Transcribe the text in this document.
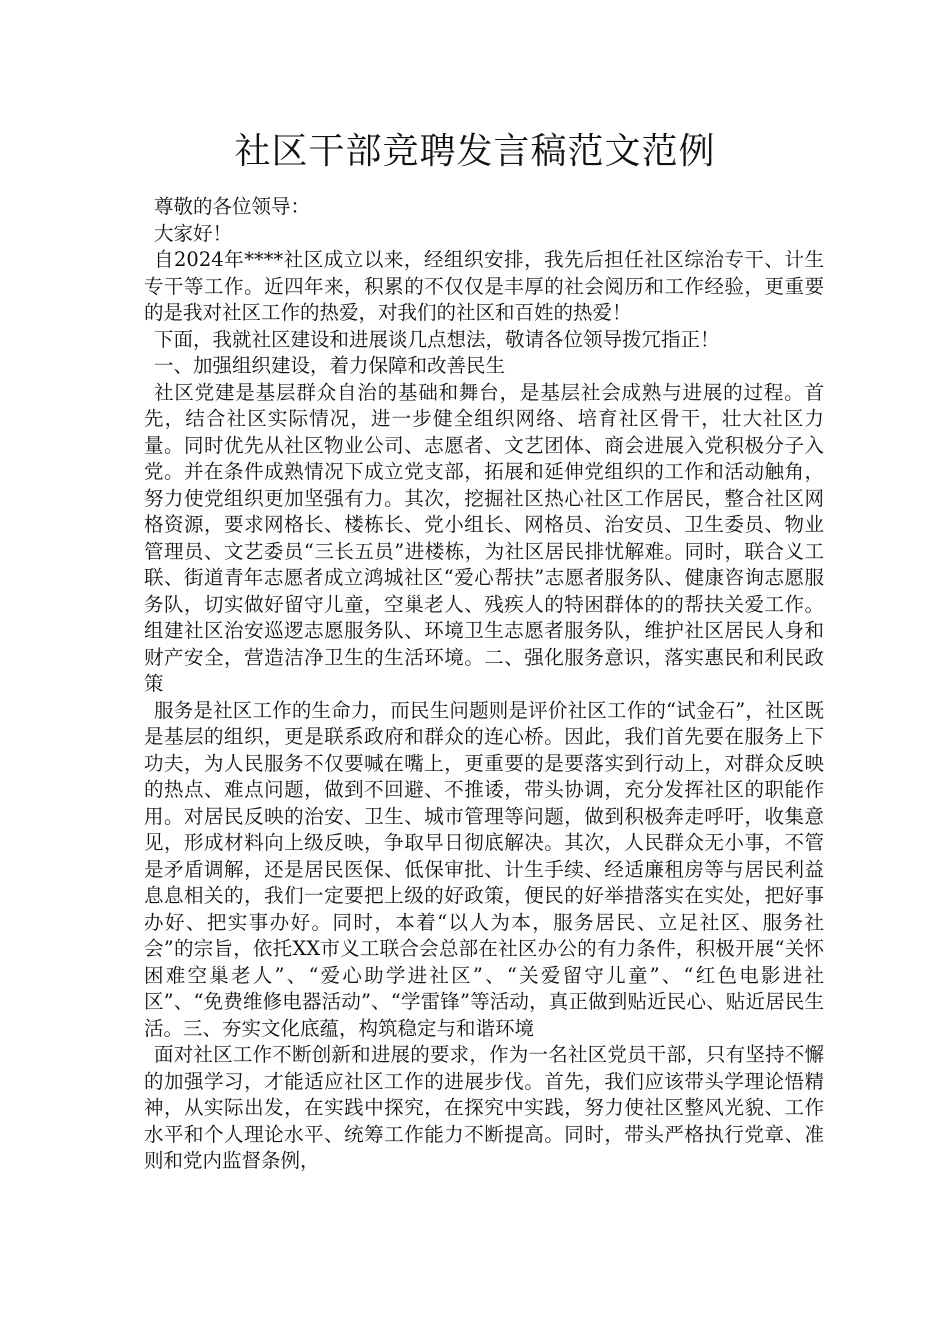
社区干部竞聘发言稿范文范例

尊敬的各位领导：

大家好！

自2024年****社区成立以来，经组织安排，我先后担任社区综治专干、计生专干等工作。近四年来，积累的不仅仅是丰厚的社会阅历和工作经验，更重要的是我对社区工作的热爱，对我们的社区和百姓的热爱！

下面，我就社区建设和进展谈几点想法，敬请各位领导拨冗指正！

一、加强组织建设，着力保障和改善民生

社区党建是基层群众自治的基础和舞台，是基层社会成熟与进展的过程。首先，结合社区实际情况，进一步健全组织网络、培育社区骨干，壮大社区力量。同时优先从社区物业公司、志愿者、文艺团体、商会进展入党积极分子入党。并在条件成熟情况下成立党支部，拓展和延伸党组织的工作和活动触角，努力使党组织更加坚强有力。其次，挖掘社区热心社区工作居民，整合社区网格资源，要求网格长、楼栋长、党小组长、网格员、治安员、卫生委员、物业管理员、文艺委员“三长五员”进楼栋，为社区居民排忧解难。同时，联合义工联、街道青年志愿者成立鸿城社区“爱心帮扶”志愿者服务队、健康咨询志愿服务队，切实做好留守儿童，空巢老人、残疾人的特困群体的的帮扶关爱工作。组建社区治安巡逻志愿服务队、环境卫生志愿者服务队，维护社区居民人身和财产安全，营造洁净卫生的生活环境。二、强化服务意识，落实惠民和利民政策

服务是社区工作的生命力，而民生问题则是评价社区工作的“试金石”，社区既是基层的组织，更是联系政府和群众的连心桥。因此，我们首先要在服务上下功夫，为人民服务不仅要喊在嘴上，更重要的是要落实到行动上，对群众反映的热点、难点问题，做到不回避、不推诿，带头协调，充分发挥社区的职能作用。对居民反映的治安、卫生、城市管理等问题，做到积极奔走呼吁，收集意见，形成材料向上级反映，争取早日彻底解决。其次，人民群众无小事，不管是矛盾调解，还是居民医保、低保审批、计生手续、经适廉租房等与居民利益息息相关的，我们一定要把上级的好政策，便民的好举措落实在实处，把好事办好、把实事办好。同时，本着“以人为本，服务居民、立足社区、服务社会”的宗旨，依托XX市义工联合会总部在社区办公的有力条件，积极开展“关怀困难空巢老人”、“爱心助学进社区”、“关爱留守儿童”、“红色电影进社区”、“免费维修电器活动”、“学雷锋”等活动，真正做到贴近民心、贴近居民生活。三、夯实文化底蕴，构筑稳定与和谐环境

面对社区工作不断创新和进展的要求，作为一名社区党员干部，只有坚持不懈的加强学习，才能适应社区工作的进展步伐。首先，我们应该带头学理论悟精神，从实际出发，在实践中探究，在探究中实践，努力使社区整风光貌、工作水平和个人理论水平、统筹工作能力不断提高。同时，带头严格执行党章、准则和党内监督条例，
